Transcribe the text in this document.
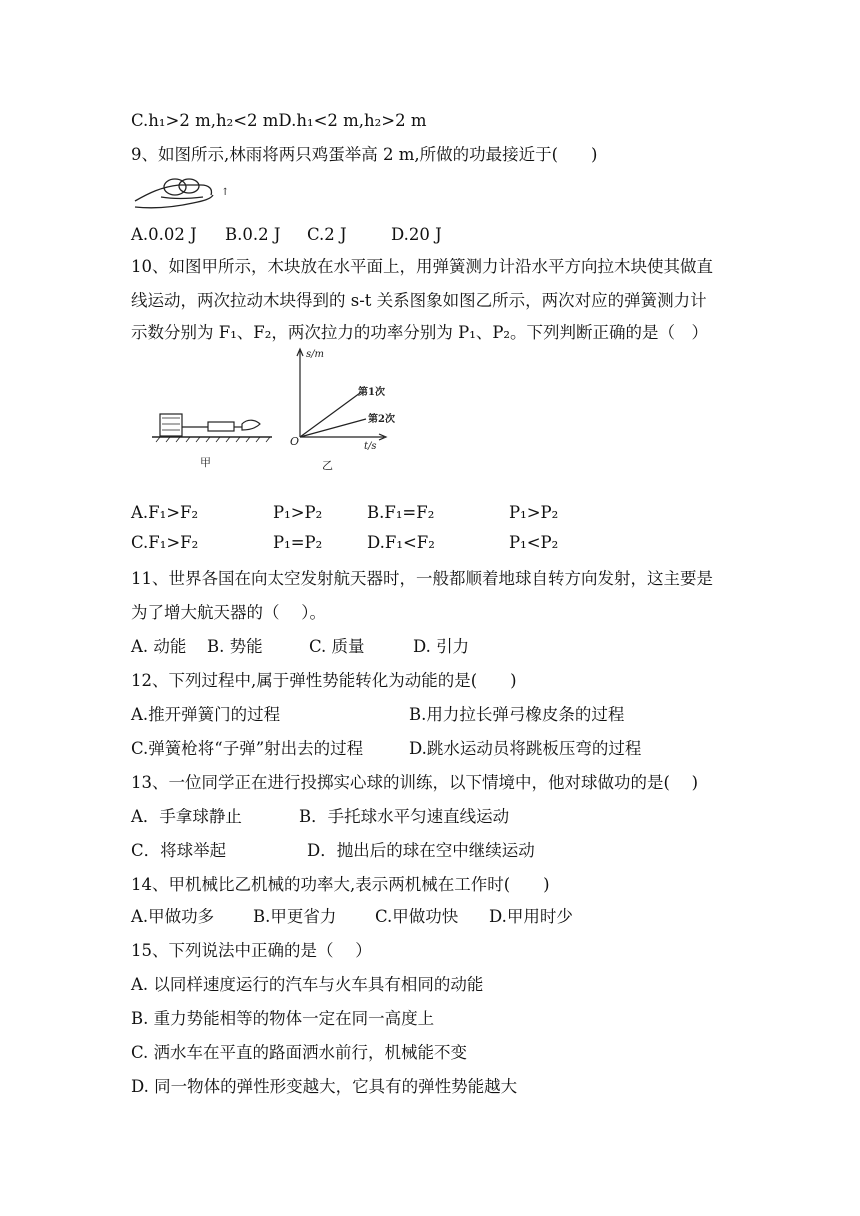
C.h₁>2 m,h₂<2 mD.h₁<2 m,h₂>2 m
9、如图所示,林雨将两只鸡蛋举高 2 m,所做的功最接近于(　　)
↑
A.0.02 J B.0.2 J C.2 J	D.20 J
10、如图甲所示，木块放在水平面上，用弹簧测力计沿水平方向拉木块使其做直
线运动，两次拉动木块得到的 s-t 关系图象如图乙所示，两次对应的弹簧测力计
示数分别为 F₁、F₂，两次拉力的功率分别为 P₁、P₂。下列判断正确的是（　）
甲
s/m
t/s
O
第1次
第2次
乙
A.F₁>F₂	P₁>P₂	B.F₁=F₂	P₁>P₂
C.F₁>F₂	P₁=P₂	D.F₁<F₂	P₁<P₂
11、世界各国在向太空发射航天器时，一般都顺着地球自转方向发射，这主要是
为了增大航天器的（　 ）。
A. 动能 B. 势能	C. 质量	D. 引力
12、下列过程中,属于弹性势能转化为动能的是(　　)
A.推开弹簧门的过程	B.用力拉长弹弓橡皮条的过程
C.弹簧枪将“子弹”射出去的过程	D.跳水运动员将跳板压弯的过程
13、一位同学正在进行投掷实心球的训练，以下情境中，他对球做功的是(　 )
A．手拿球静止	B．手托球水平匀速直线运动
C．将球举起	D．抛出后的球在空中继续运动
14、甲机械比乙机械的功率大,表示两机械在工作时(　　)
A.甲做功多 B.甲更省力 C.甲做功快 D.甲用时少
15、下列说法中正确的是（　 ）
A. 以同样速度运行的汽车与火车具有相同的动能
B. 重力势能相等的物体一定在同一高度上
C. 洒水车在平直的路面洒水前行，机械能不变
D. 同一物体的弹性形变越大，它具有的弹性势能越大
